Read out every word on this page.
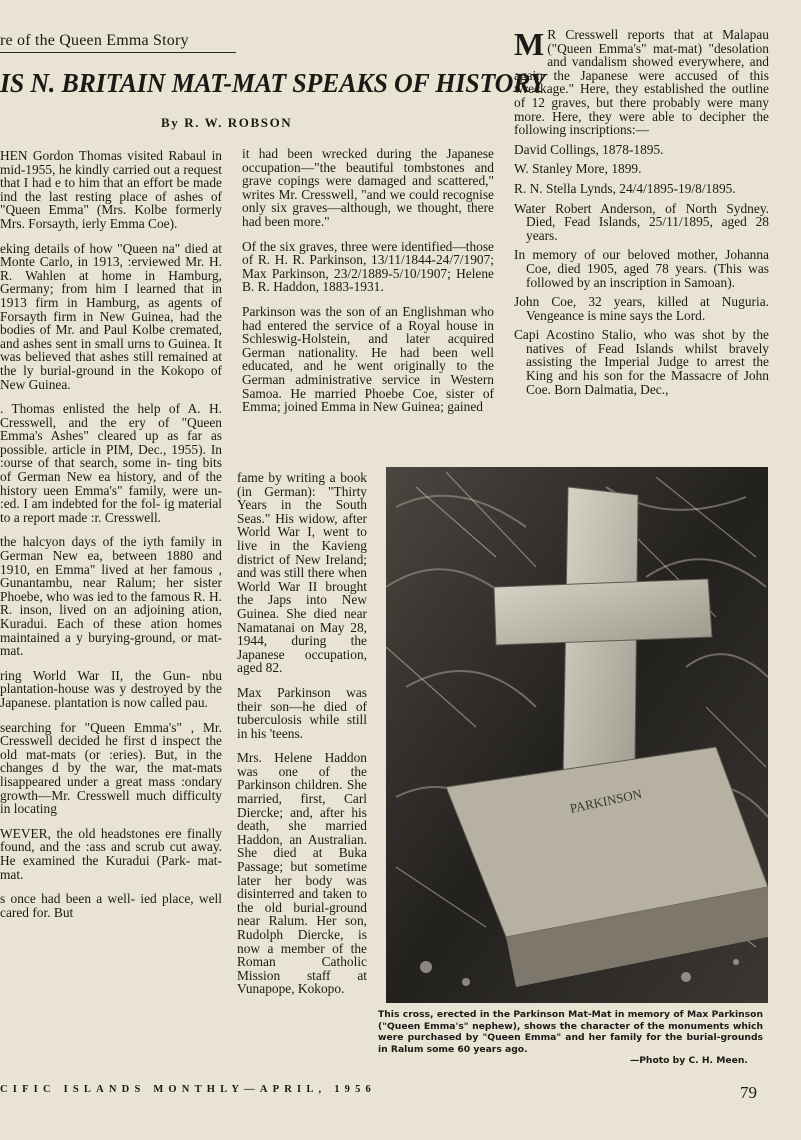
re of the Queen Emma Story
IS N. BRITAIN MAT-MAT SPEAKS OF HISTORY
By R. W. ROBSON

HEN Gordon Thomas visited Rabaul in mid-1955, he kindly carried out a request that I had e to him that an effort be made ind the last resting place of ashes of "Queen Emma" (Mrs. Kolbe formerly Mrs. Forsayth, ierly Emma Coe).

eking details of how "Queen na" died at Monte Carlo, in 1913, :erviewed Mr. H. R. Wahlen at home in Hamburg, Germany; from him I learned that in 1913 firm in Hamburg, as agents of Forsayth firm in New Guinea, had the bodies of Mr. and Paul Kolbe cremated, and ashes sent in small urns to Guinea. It was believed that ashes still remained at the ly burial-ground in the Kokopo of New Guinea.

. Thomas enlisted the help of A. H. Cresswell, and the ery of "Queen Emma's Ashes" cleared up as far as possible. article in PIM, Dec., 1955). In :ourse of that search, some in- ting bits of German New ea history, and of the history ueen Emma's" family, were un- :ed. I am indebted for the fol- ig material to a report made :r. Cresswell.

the halcyon days of the iyth family in German New ea, between 1880 and 1910, en Emma" lived at her famous , Gunantambu, near Ralum; her sister Phoebe, who was ied to the famous R. H. R. inson, lived on an adjoining ation, Kuradui. Each of these ation homes maintained a y burying-ground, or mat-mat.

ring World War II, the Gun- nbu plantation-house was y destroyed by the Japanese. plantation is now called pau.

searching for "Queen Emma's" , Mr. Cresswell decided he first d inspect the old mat-mats (or :eries). But, in the changes d by the war, the mat-mats lisappeared under a great mass :ondary growth—Mr. Cresswell much difficulty in locating

WEVER, the old headstones ere finally found, and the :ass and scrub cut away. He examined the Kuradui (Park- mat-mat.

s once had been a well- ied place, well cared for. But

it had been wrecked during the Japanese occupation—"the beautiful tombstones and grave copings were damaged and scattered," writes Mr. Cresswell, "and we could recognise only six graves—although, we thought, there had been more."

Of the six graves, three were identified—those of R. H. R. Parkinson, 13/11/1844-24/7/1907; Max Parkinson, 23/2/1889-5/10/1907; Helene B. R. Haddon, 1883-1931.

Parkinson was the son of an Englishman who had entered the service of a Royal house in Schleswig-Holstein, and later acquired German nationality. He had been well educated, and he went originally to the German administrative service in Western Samoa. He married Phoebe Coe, sister of Emma; joined Emma in New Guinea; gained

fame by writing a book (in German): "Thirty Years in the South Seas." His widow, after World War I, went to live in the Kavieng district of New Ireland; and was still there when World War II brought the Japs into New Guinea. She died near Namatanai on May 28, 1944, during the Japanese occupation, aged 82.

Max Parkinson was their son—he died of tuberculosis while still in his 'teens.

Mrs. Helene Haddon was one of the Parkinson children. She married, first, Carl Diercke; and, after his death, she married Haddon, an Australian. She died at Buka Passage; but sometime later her body was disinterred and taken to the old burial-ground near Ralum. Her son, Rudolph Diercke, is now a member of the Roman Catholic Mission staff at Vunapope, Kokopo.

M R Cresswell reports that at Malapau ("Queen Emma's" mat-mat) "desolation and vandalism showed everywhere, and again the Japanese were accused of this wreckage." Here, they established the outline of 12 graves, but there probably were many more. Here, they were able to decipher the following inscriptions:—

David Collings, 1878-1895.
W. Stanley More, 1899.
R. N. Stella Lynds, 24/4/1895-19/8/1895.
Water Robert Anderson, of North Sydney. Died, Fead Islands, 25/11/1895, aged 28 years.
In memory of our beloved mother, Johanna Coe, died 1905, aged 78 years. (This was followed by an inscription in Samoan).
John Coe, 32 years, killed at Nuguria. Vengeance is mine says the Lord.
Capi Acostino Stalio, who was shot by the natives of Fead Islands whilst bravely assisting the Imperial Judge to arrest the King and his son for the Massacre of John Coe. Born Dalmatia, Dec.,
PARKINSON
This cross, erected in the Parkinson Mat-Mat in memory of Max Parkinson ("Queen Emma's" nephew), shows the character of the monuments which were purchased by "Queen Emma" and her family for the burial-grounds in Ralum some 60 years ago.
—Photo by C. H. Meen.
CIFIC ISLANDS MONTHLY—APRIL, 1956	79
